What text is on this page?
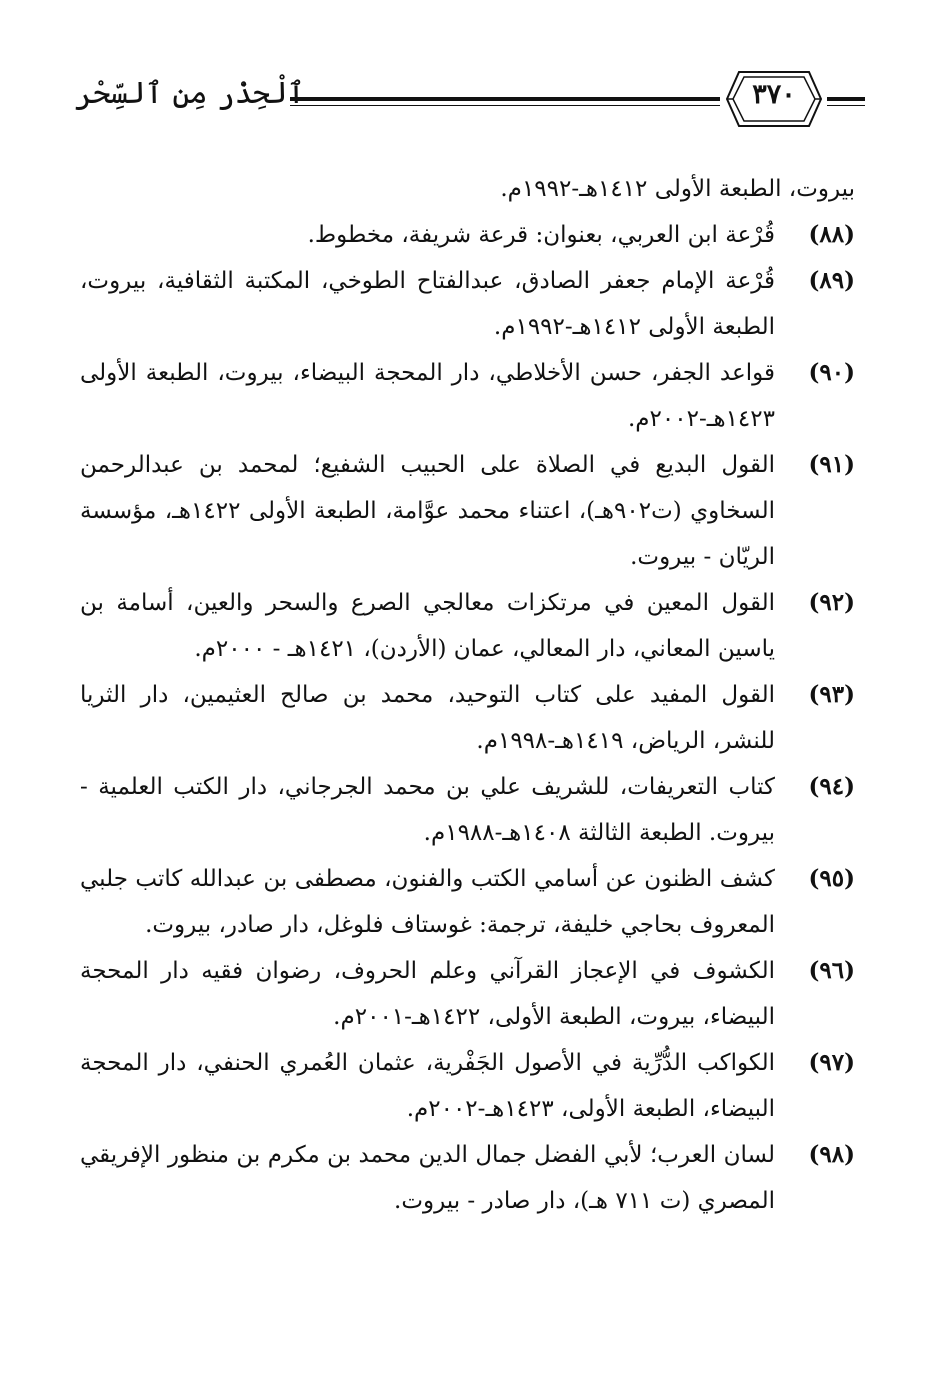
ٱلْحِذْر مِن ٱلسِّحْر	٣٧٠
بيروت، الطبعة الأولى ١٤١٢هـ-١٩٩٢م.
(٨٨)
قُرْعة ابن العربي، بعنوان: قرعة شريفة، مخطوط.
(٨٩)
قُرْعة الإمام جعفر الصادق، عبدالفتاح الطوخي، المكتبة الثقافية، بيروت، الطبعة الأولى ١٤١٢هـ-١٩٩٢م.
(٩٠)
قواعد الجفر، حسن الأخلاطي، دار المحجة البيضاء، بيروت، الطبعة الأولى ١٤٢٣هـ-٢٠٠٢م.
(٩١)
القول البديع في الصلاة على الحبيب الشفيع؛ لمحمد بن عبدالرحمن السخاوي (ت٩٠٢هـ)، اعتناء محمد عوَّامة، الطبعة الأولى ١٤٢٢هـ، مؤسسة الريّان - بيروت.
(٩٢)
القول المعين في مرتكزات معالجي الصرع والسحر والعين، أسامة بن ياسين المعاني، دار المعالي، عمان (الأردن)، ١٤٢١هـ - ٢٠٠٠م.
(٩٣)
القول المفيد على كتاب التوحيد، محمد بن صالح العثيمين، دار الثريا للنشر، الرياض، ١٤١٩هـ-١٩٩٨م.
(٩٤)
كتاب التعريفات، للشريف علي بن محمد الجرجاني، دار الكتب العلمية - بيروت. الطبعة الثالثة ١٤٠٨هـ-١٩٨٨م.
(٩٥)
كشف الظنون عن أسامي الكتب والفنون، مصطفى بن عبدالله كاتب جلبي المعروف بحاجي خليفة، ترجمة: غوستاف فلوغل، دار صادر، بيروت.
(٩٦)
الكشوف في الإعجاز القرآني وعلم الحروف، رضوان فقيه دار المحجة البيضاء، بيروت، الطبعة الأولى، ١٤٢٢هـ-٢٠٠١م.
(٩٧)
الكواكب الدُّرِّية في الأصول الجَفْرية، عثمان العُمري الحنفي، دار المحجة البيضاء، الطبعة الأولى، ١٤٢٣هـ-٢٠٠٢م.
(٩٨)
لسان العرب؛ لأبي الفضل جمال الدين محمد بن مكرم بن منظور الإفريقي المصري (ت ٧١١ هـ)، دار صادر - بيروت.
